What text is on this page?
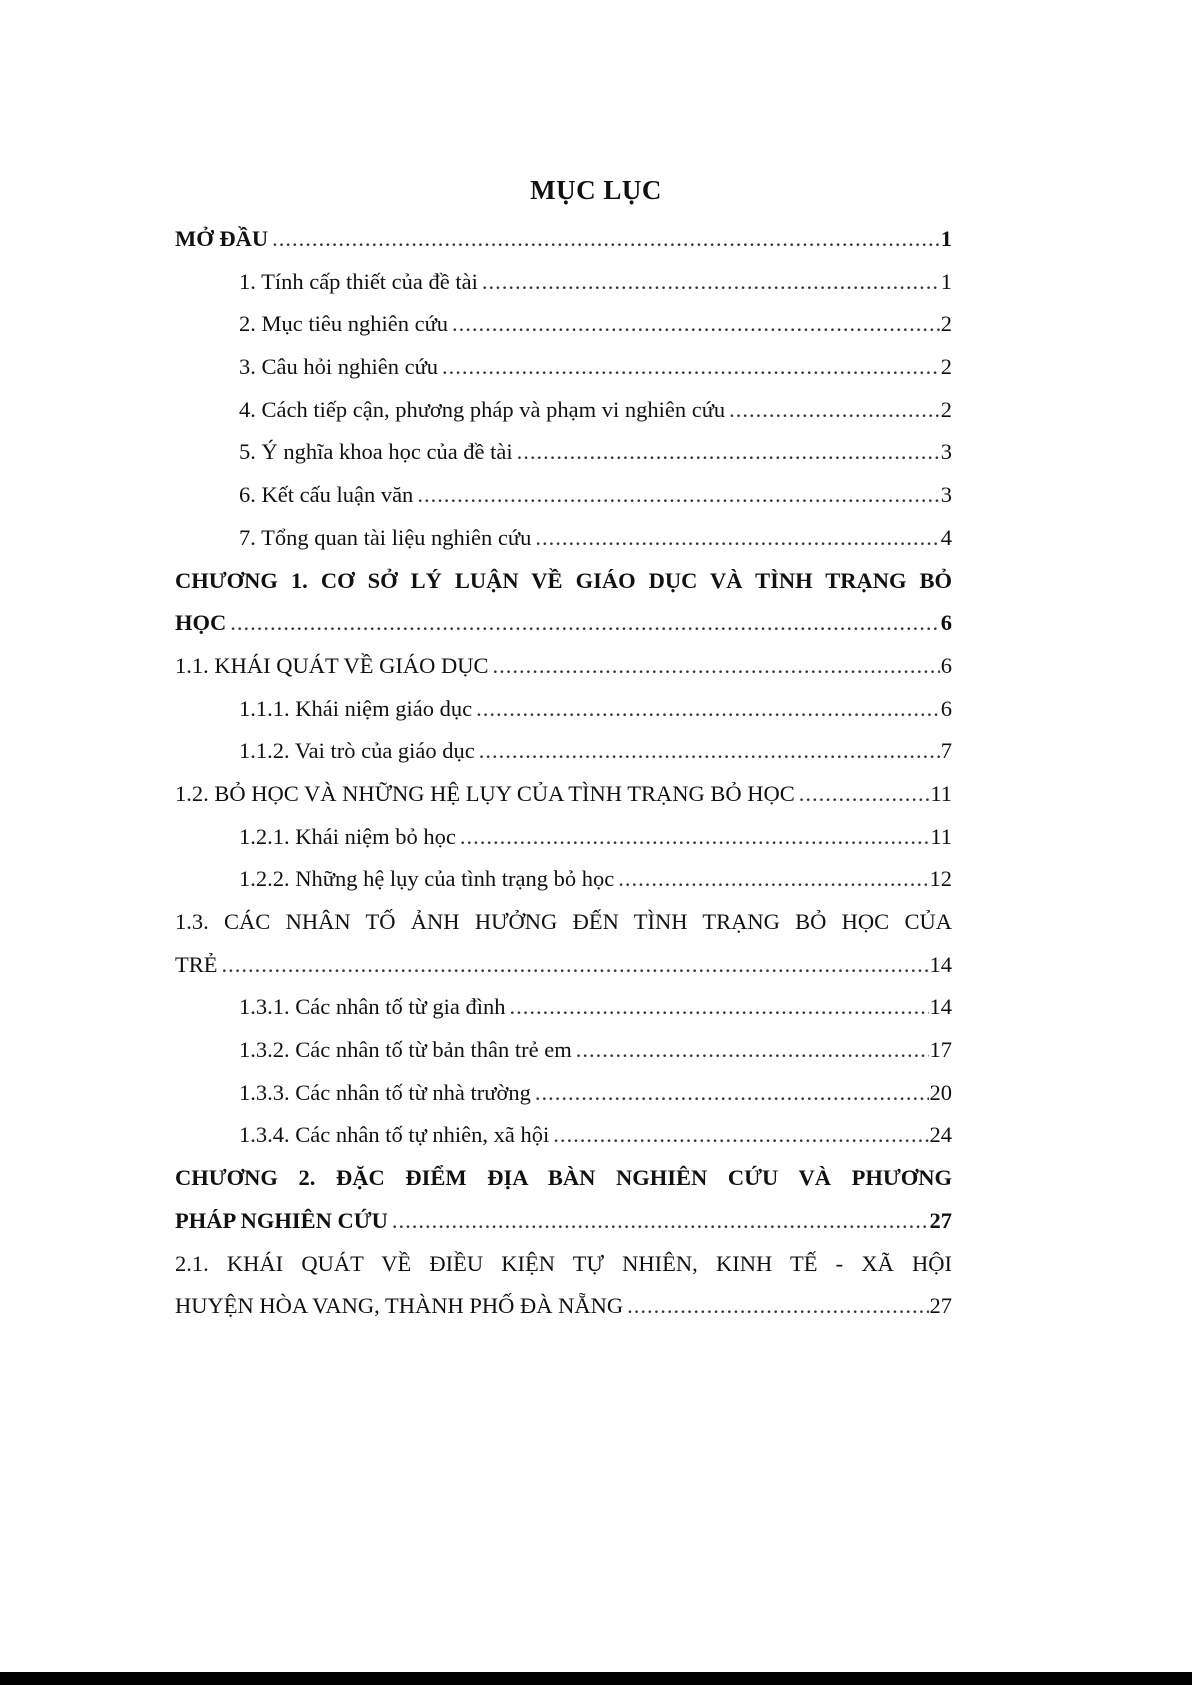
MỤC LỤC
MỞ ĐẦU .....	1
1. Tính cấp thiết của đề tài .....	1
2. Mục tiêu nghiên cứu .....	2
3. Câu hỏi nghiên cứu .....	2
4. Cách tiếp cận, phương pháp và phạm vi nghiên cứu .....	2
5. Ý nghĩa khoa học của đề tài .....	3
6. Kết cấu luận văn .....	3
7. Tổng quan tài liệu nghiên cứu .....	4
CHƯƠNG 1. CƠ SỞ LÝ LUẬN VỀ GIÁO DỤC VÀ TÌNH TRẠNG BỎ
HỌC .....	6
1.1. KHÁI QUÁT VỀ GIÁO DỤC .....	6
1.1.1. Khái niệm giáo dục .....	6
1.1.2. Vai trò của giáo dục .....	7
1.2. BỎ HỌC VÀ NHỮNG HỆ LỤY CỦA TÌNH TRẠNG BỎ HỌC .....	11
1.2.1. Khái niệm bỏ học .....	11
1.2.2. Những hệ lụy của tình trạng bỏ học .....	12
1.3. CÁC NHÂN TỐ ẢNH HƯỞNG ĐẾN TÌNH TRẠNG BỎ HỌC CỦA
TRẺ .....	14
1.3.1. Các nhân tố từ gia đình .....	14
1.3.2. Các nhân tố từ bản thân trẻ em .....	17
1.3.3. Các nhân tố từ nhà trường .....	20
1.3.4. Các nhân tố tự nhiên, xã hội .....	24
CHƯƠNG 2. ĐẶC ĐIỂM ĐỊA BÀN NGHIÊN CỨU VÀ PHƯƠNG
PHÁP NGHIÊN CỨU .....	27
2.1. KHÁI QUÁT VỀ ĐIỀU KIỆN TỰ NHIÊN, KINH TẾ - XÃ HỘI
HUYỆN HÒA VANG, THÀNH PHỐ ĐÀ NẴNG .....	27
